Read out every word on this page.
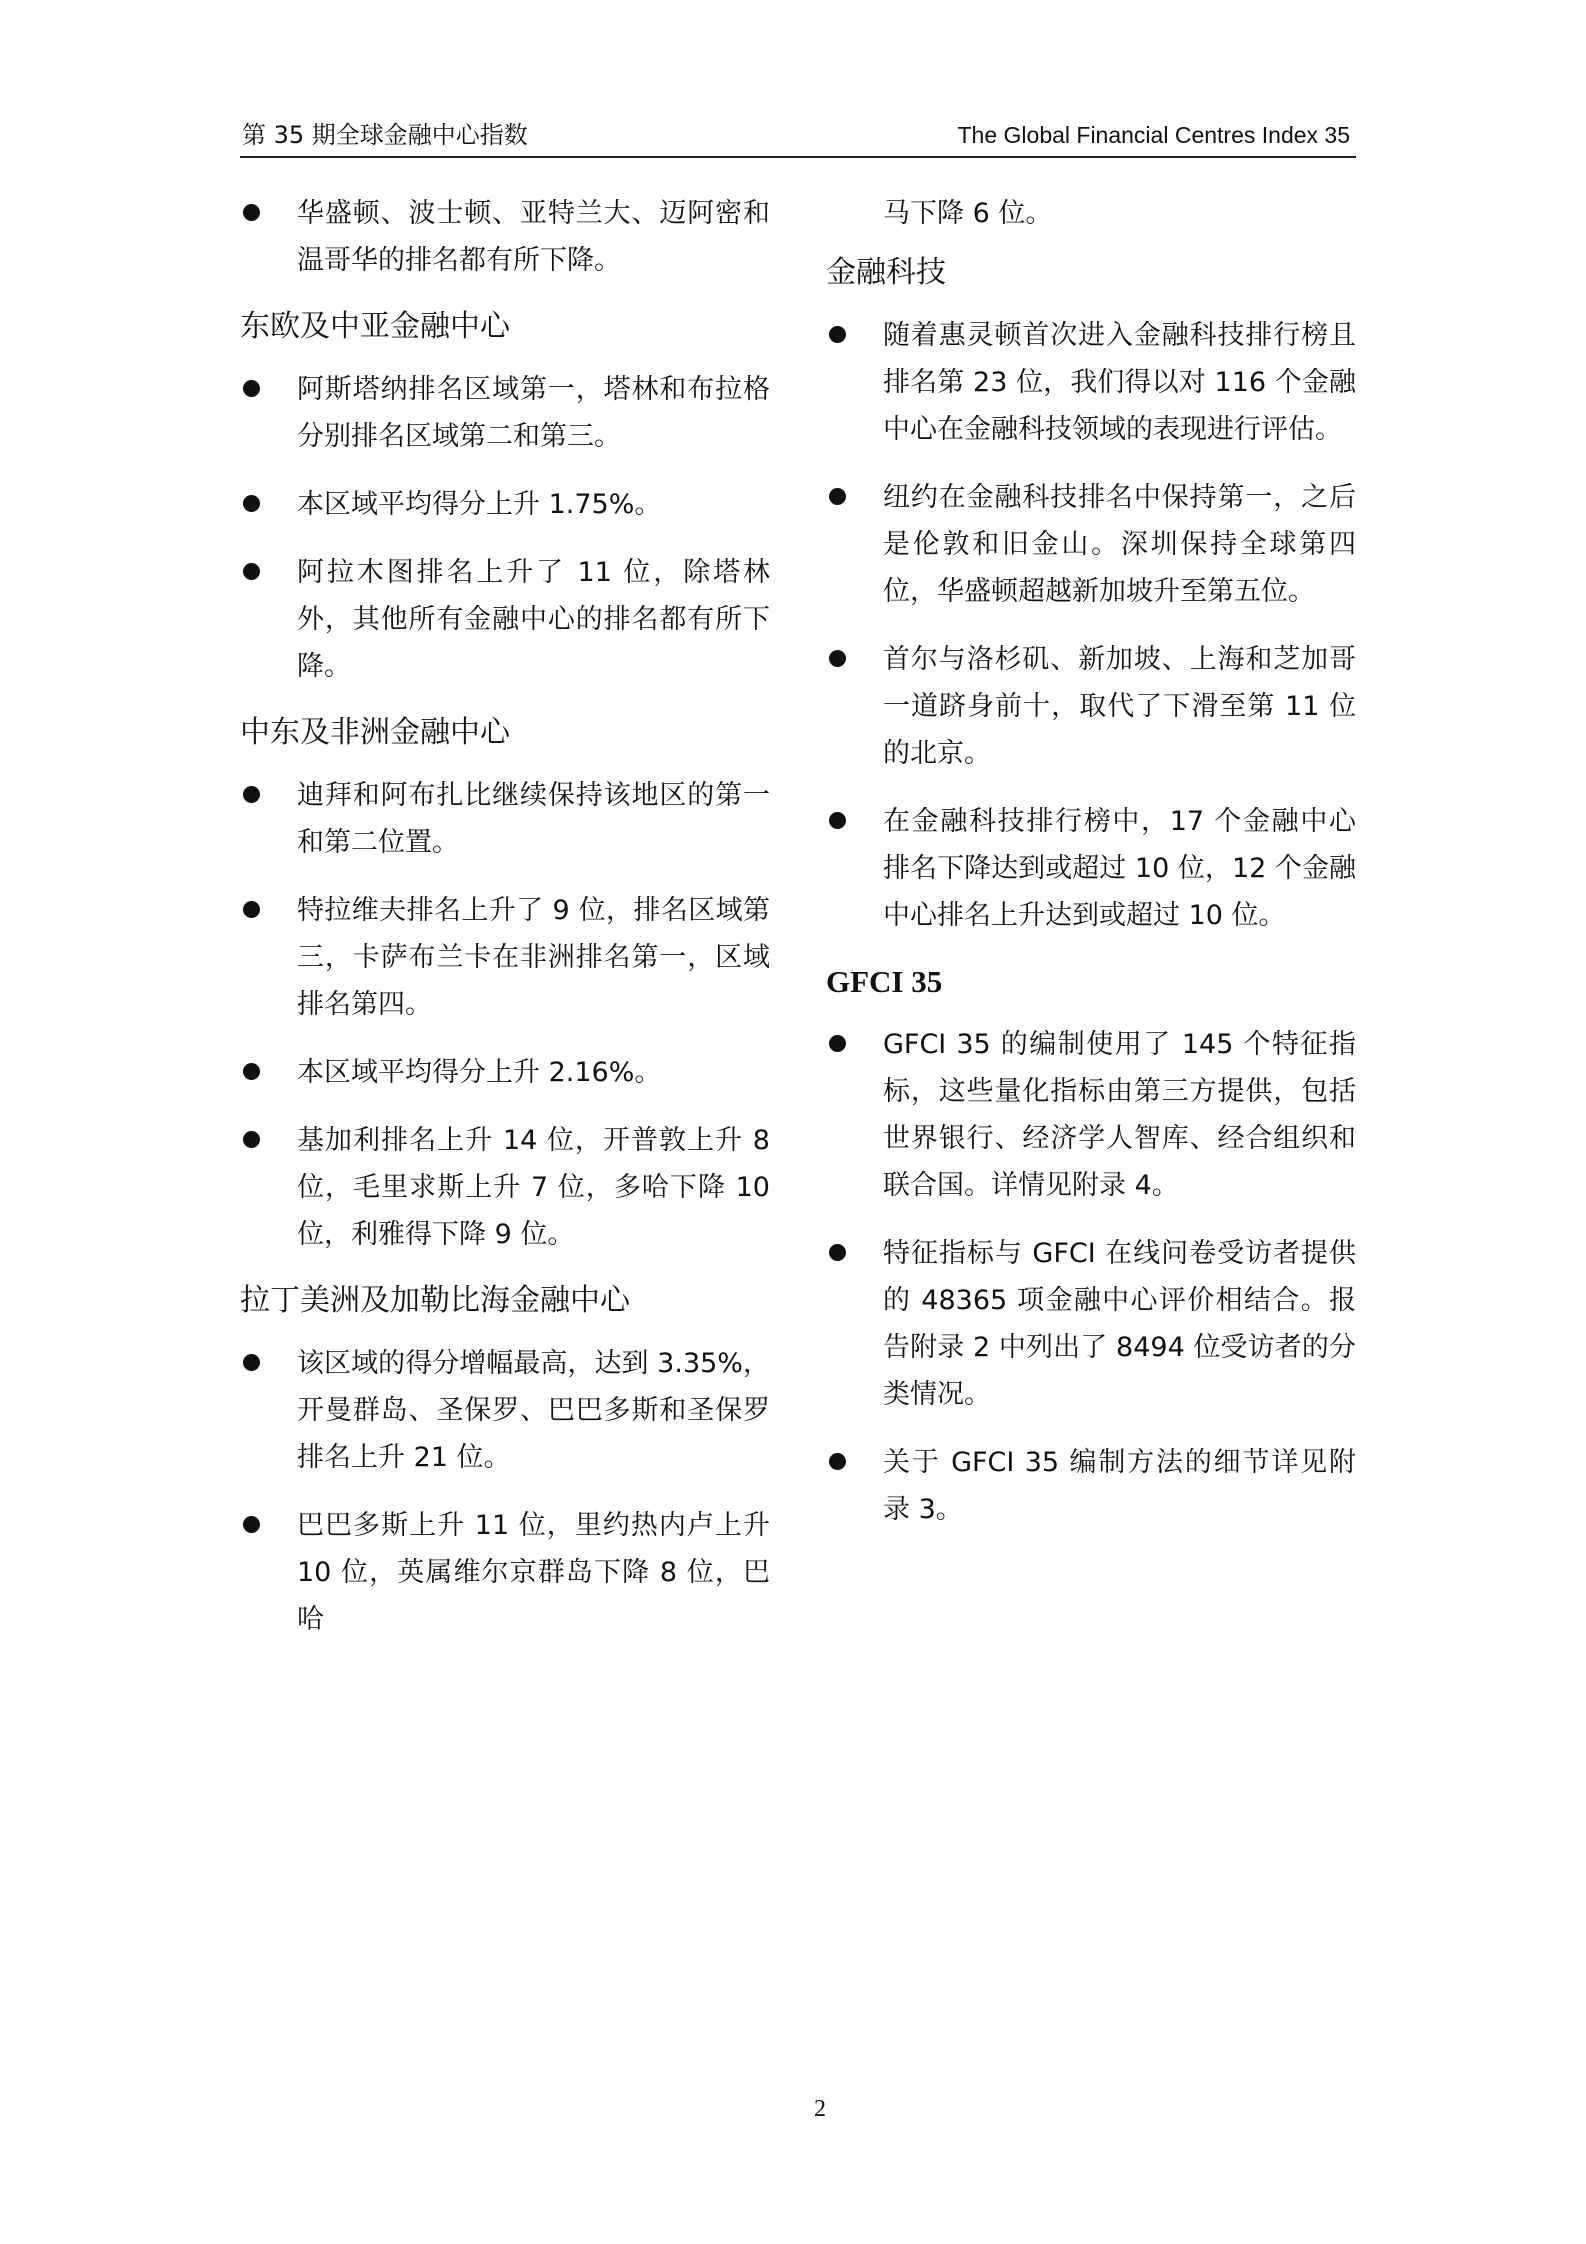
第 35 期全球金融中心指数	The Global Financial Centres Index 35
华盛顿、波士顿、亚特兰大、迈阿密和温哥华的排名都有所下降。
东欧及中亚金融中心
阿斯塔纳排名区域第一，塔林和布拉格分别排名区域第二和第三。
本区域平均得分上升 1.75%。
阿拉木图排名上升了 11 位，除塔林外，其他所有金融中心的排名都有所下降。
中东及非洲金融中心
迪拜和阿布扎比继续保持该地区的第一和第二位置。
特拉维夫排名上升了 9 位，排名区域第三，卡萨布兰卡在非洲排名第一，区域排名第四。
本区域平均得分上升 2.16%。
基加利排名上升 14 位，开普敦上升 8 位，毛里求斯上升 7 位，多哈下降 10 位，利雅得下降 9 位。
拉丁美洲及加勒比海金融中心
该区域的得分增幅最高，达到 3.35%，开曼群岛、圣保罗、巴巴多斯和圣保罗排名上升 21 位。
巴巴多斯上升 11 位，里约热内卢上升 10 位，英属维尔京群岛下降 8 位，巴哈
马下降 6 位。
金融科技
随着惠灵顿首次进入金融科技排行榜且排名第 23 位，我们得以对 116 个金融中心在金融科技领域的表现进行评估。
纽约在金融科技排名中保持第一，之后是伦敦和旧金山。深圳保持全球第四位，华盛顿超越新加坡升至第五位。
首尔与洛杉矶、新加坡、上海和芝加哥一道跻身前十，取代了下滑至第 11 位的北京。
在金融科技排行榜中，17 个金融中心排名下降达到或超过 10 位，12 个金融中心排名上升达到或超过 10 位。
GFCI 35
GFCI 35 的编制使用了 145 个特征指标，这些量化指标由第三方提供，包括世界银行、经济学人智库、经合组织和联合国。详情见附录 4。
特征指标与 GFCI 在线问卷受访者提供的 48365 项金融中心评价相结合。报告附录 2 中列出了 8494 位受访者的分类情况。
关于 GFCI 35 编制方法的细节详见附录 3。
2
